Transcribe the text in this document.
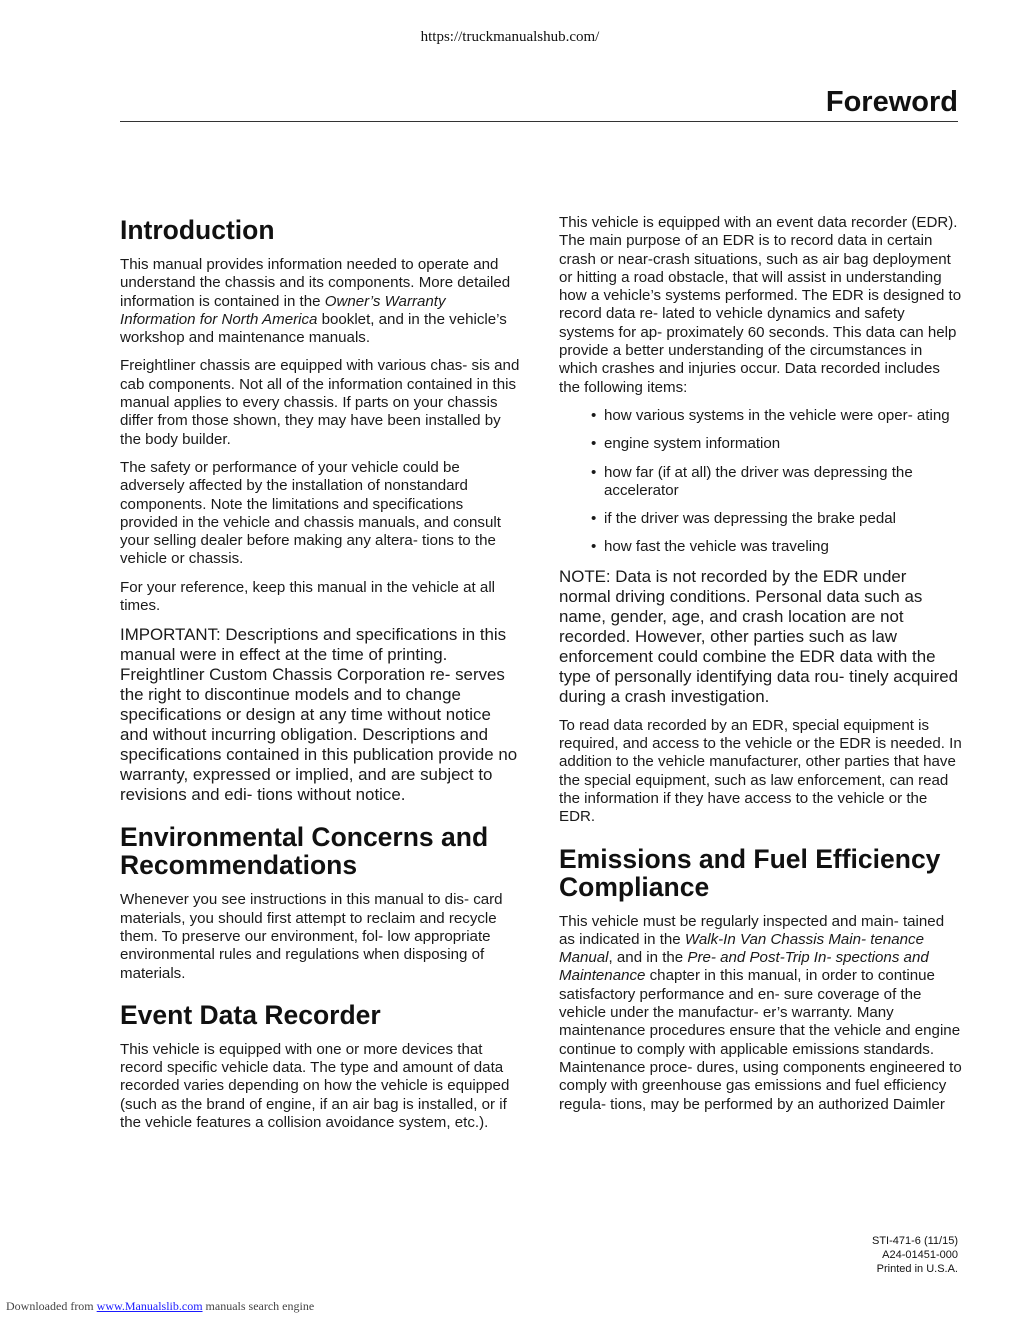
https://truckmanualshub.com/
Foreword
Introduction

This manual provides information needed to operate and understand the chassis and its components. More detailed information is contained in the Owner’s Warranty Information for North America booklet, and in the vehicle’s workshop and maintenance manuals.

Freightliner chassis are equipped with various chas- sis and cab components. Not all of the information contained in this manual applies to every chassis. If parts on your chassis differ from those shown, they may have been installed by the body builder.

The safety or performance of your vehicle could be adversely affected by the installation of nonstandard components. Note the limitations and specifications provided in the vehicle and chassis manuals, and consult your selling dealer before making any altera- tions to the vehicle or chassis.

For your reference, keep this manual in the vehicle at all times.

IMPORTANT: Descriptions and specifications in this manual were in effect at the time of printing. Freightliner Custom Chassis Corporation re- serves the right to discontinue models and to change specifications or design at any time without notice and without incurring obligation. Descriptions and specifications contained in this publication provide no warranty, expressed or implied, and are subject to revisions and edi- tions without notice.

Environmental Concerns and Recommendations

Whenever you see instructions in this manual to dis- card materials, you should first attempt to reclaim and recycle them. To preserve our environment, fol- low appropriate environmental rules and regulations when disposing of materials.

Event Data Recorder

This vehicle is equipped with one or more devices that record specific vehicle data. The type and amount of data recorded varies depending on how the vehicle is equipped (such as the brand of engine, if an air bag is installed, or if the vehicle features a collision avoidance system, etc.).

This vehicle is equipped with an event data recorder (EDR). The main purpose of an EDR is to record data in certain crash or near-crash situations, such as air bag deployment or hitting a road obstacle, that will assist in understanding how a vehicle’s systems performed. The EDR is designed to record data re- lated to vehicle dynamics and safety systems for ap- proximately 60 seconds. This data can help provide a better understanding of the circumstances in which crashes and injuries occur. Data recorded includes the following items:

• how various systems in the vehicle were oper- ating
• engine system information
• how far (if at all) the driver was depressing the accelerator
• if the driver was depressing the brake pedal
• how fast the vehicle was traveling

NOTE: Data is not recorded by the EDR under normal driving conditions. Personal data such as name, gender, age, and crash location are not recorded. However, other parties such as law enforcement could combine the EDR data with the type of personally identifying data rou- tinely acquired during a crash investigation.

To read data recorded by an EDR, special equipment is required, and access to the vehicle or the EDR is needed. In addition to the vehicle manufacturer, other parties that have the special equipment, such as law enforcement, can read the information if they have access to the vehicle or the EDR.

Emissions and Fuel Efficiency Compliance

This vehicle must be regularly inspected and main- tained as indicated in the Walk-In Van Chassis Main- tenance Manual, and in the Pre- and Post-Trip In- spections and Maintenance chapter in this manual, in order to continue satisfactory performance and en- sure coverage of the vehicle under the manufactur- er’s warranty. Many maintenance procedures ensure that the vehicle and engine continue to comply with applicable emissions standards. Maintenance proce- dures, using components engineered to comply with greenhouse gas emissions and fuel efficiency regula- tions, may be performed by an authorized Daimler

STI-471-6 (11/15)
A24-01451-000
Printed in U.S.A.
Downloaded from www.Manualslib.com manuals search engine
